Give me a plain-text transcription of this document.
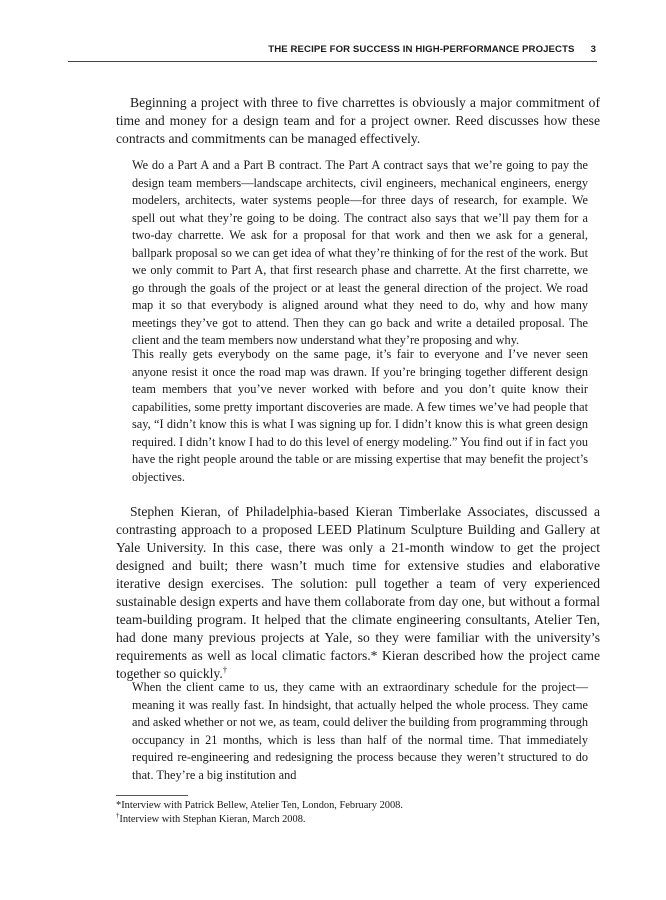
THE RECIPE FOR SUCCESS IN HIGH-PERFORMANCE PROJECTS 3

Beginning a project with three to five charrettes is obviously a major commitment of time and money for a design team and for a project owner. Reed discusses how these contracts and commitments can be managed effectively.

We do a Part A and a Part B contract. The Part A contract says that we’re going to pay the design team members—landscape architects, civil engineers, mechanical engineers, energy modelers, architects, water systems people—for three days of research, for example. We spell out what they’re going to be doing. The contract also says that we’ll pay them for a two-day charrette. We ask for a proposal for that work and then we ask for a general, ballpark proposal so we can get idea of what they’re thinking of for the rest of the work. But we only commit to Part A, that first research phase and charrette. At the first charrette, we go through the goals of the project or at least the general direction of the project. We road map it so that everybody is aligned around what they need to do, why and how many meetings they’ve got to attend. Then they can go back and write a detailed proposal. The client and the team members now understand what they’re proposing and why.

This really gets everybody on the same page, it’s fair to everyone and I’ve never seen anyone resist it once the road map was drawn. If you’re bringing together different design team members that you’ve never worked with before and you don’t quite know their capabilities, some pretty important discoveries are made. A few times we’ve had people that say, “I didn’t know this is what I was signing up for. I didn’t know this is what green design required. I didn’t know I had to do this level of energy modeling.” You find out if in fact you have the right people around the table or are missing expertise that may benefit the project’s objectives.

Stephen Kieran, of Philadelphia-based Kieran Timberlake Associates, discussed a contrasting approach to a proposed LEED Platinum Sculpture Building and Gallery at Yale University. In this case, there was only a 21-month window to get the project designed and built; there wasn’t much time for extensive studies and elaborative iterative design exercises. The solution: pull together a team of very experienced sustainable design experts and have them collaborate from day one, but without a formal team-building program. It helped that the climate engineering consultants, Atelier Ten, had done many previous projects at Yale, so they were familiar with the university’s requirements as well as local climatic factors.* Kieran described how the project came together so quickly.†

When the client came to us, they came with an extraordinary schedule for the project—meaning it was really fast. In hindsight, that actually helped the whole process. They came and asked whether or not we, as team, could deliver the building from programming through occupancy in 21 months, which is less than half of the normal time. That immediately required re-engineering and redesigning the process because they weren’t structured to do that. They’re a big institution and

*Interview with Patrick Bellew, Atelier Ten, London, February 2008.

†Interview with Stephan Kieran, March 2008.
